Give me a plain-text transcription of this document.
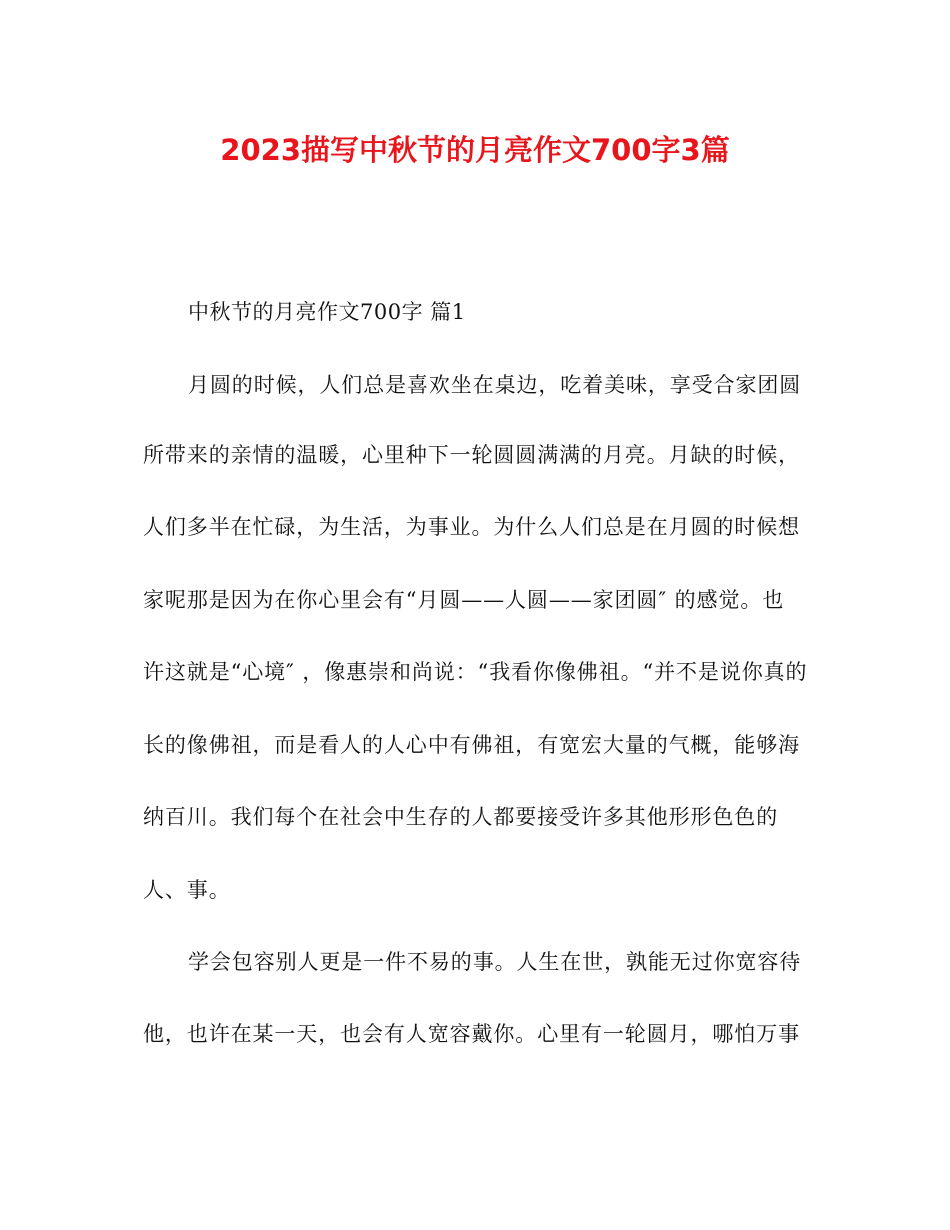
2023描写中秋节的月亮作文700字3篇
中秋节的月亮作文700字 篇1
月圆的时候，人们总是喜欢坐在桌边，吃着美味，享受合家团圆
所带来的亲情的温暖，心里种下一轮圆圆满满的月亮。月缺的时候，
人们多半在忙碌，为生活，为事业。为什么人们总是在月圆的时候想
家呢那是因为在你心里会有“月圆——人圆——家团圆″ 的感觉。也
许这就是“心境″ ，像惠崇和尚说：“我看你像佛祖。“并不是说你真的
长的像佛祖，而是看人的人心中有佛祖，有宽宏大量的气概，能够海
纳百川。我们每个在社会中生存的人都要接受许多其他形形色色的
人、事。
学会包容别人更是一件不易的事。人生在世，孰能无过你宽容待
他，也许在某一天，也会有人宽容戴你。心里有一轮圆月，哪怕万事
